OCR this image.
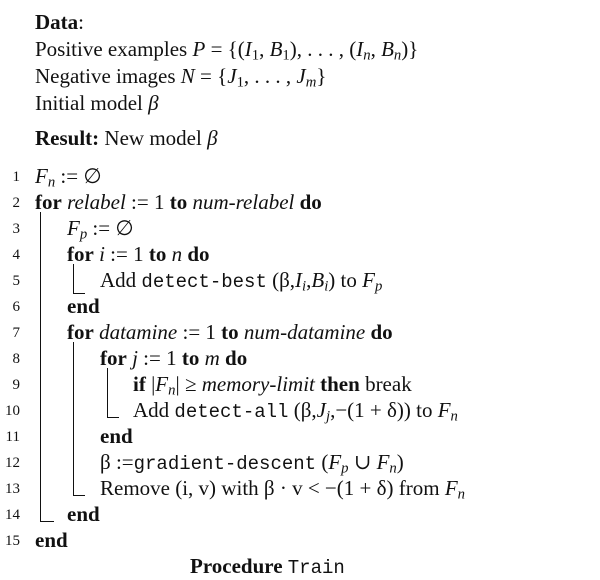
Data:
Positive examples $P = \{(I_1$, $B_1$), . . . , ($I_n$, $B_n$)}
Negative images $N = \{J_1$, . . . , $J_m$}
Initial model β
Result: New model β
1
2
3
4
5
6
7
8
9
10
11
12
13
14
15
$F_n$ := ∅
for relabel := 1 to num-relabel do
$F_p$ := ∅
for i := 1 to n do
Add detect-best $(\beta,I_i,B_i)$ to $F_p$
end
for datamine := 1 to num-datamine do
for j := 1 to m do
if $|F_n|$ ≥ memory-limit then break
Add detect-all $(\beta,J_j,-(1 + \delta))$ to $F_n$
end
β :=gradient-descent ($F_p$ ∪ $F_n$)
Remove (i, v) with β · v < −(1 + δ) from $F_n$
end
end
Procedure Train
